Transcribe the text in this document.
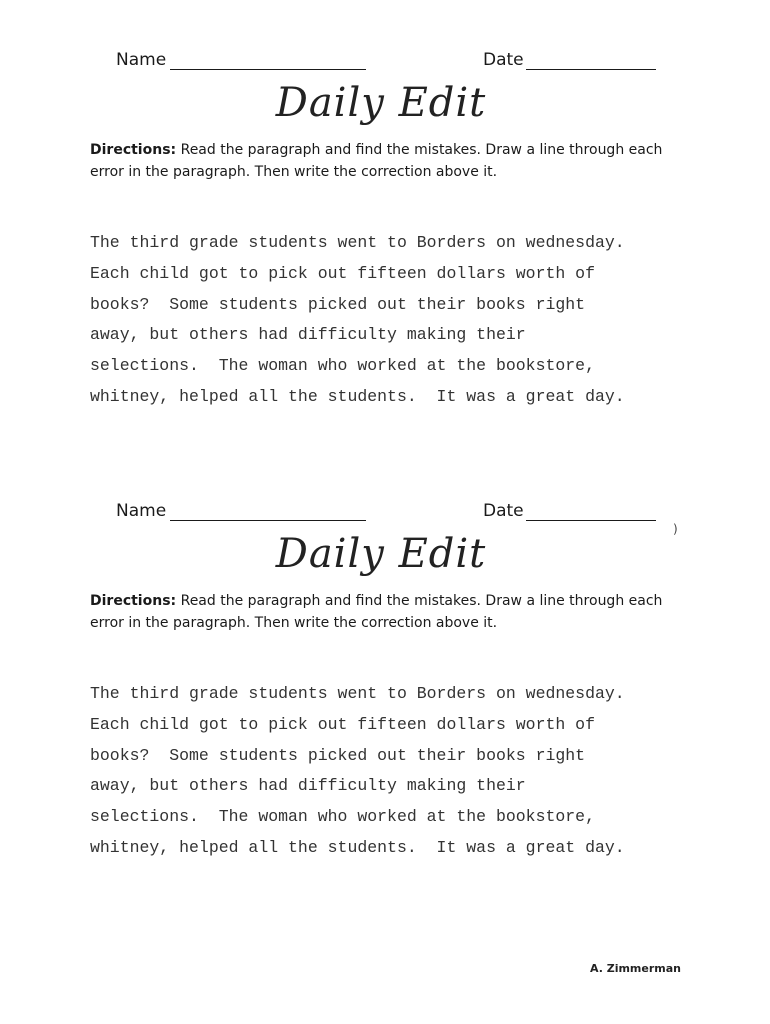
Name	Date
Daily Edit

Directions: Read the paragraph and find the mistakes. Draw a line through each error in the paragraph. Then write the correction above it.

The third grade students went to Borders on wednesday.
Each child got to pick out fifteen dollars worth of
books?  Some students picked out their books right
away, but others had difficulty making their
selections.  The woman who worked at the bookstore,
whitney, helped all the students.  It was a great day.
Name	Date
Daily Edit

Directions: Read the paragraph and find the mistakes. Draw a line through each error in the paragraph. Then write the correction above it.

The third grade students went to Borders on wednesday.
Each child got to pick out fifteen dollars worth of
books?  Some students picked out their books right
away, but others had difficulty making their
selections.  The woman who worked at the bookstore,
whitney, helped all the students.  It was a great day.
)
A. Zimmerman
